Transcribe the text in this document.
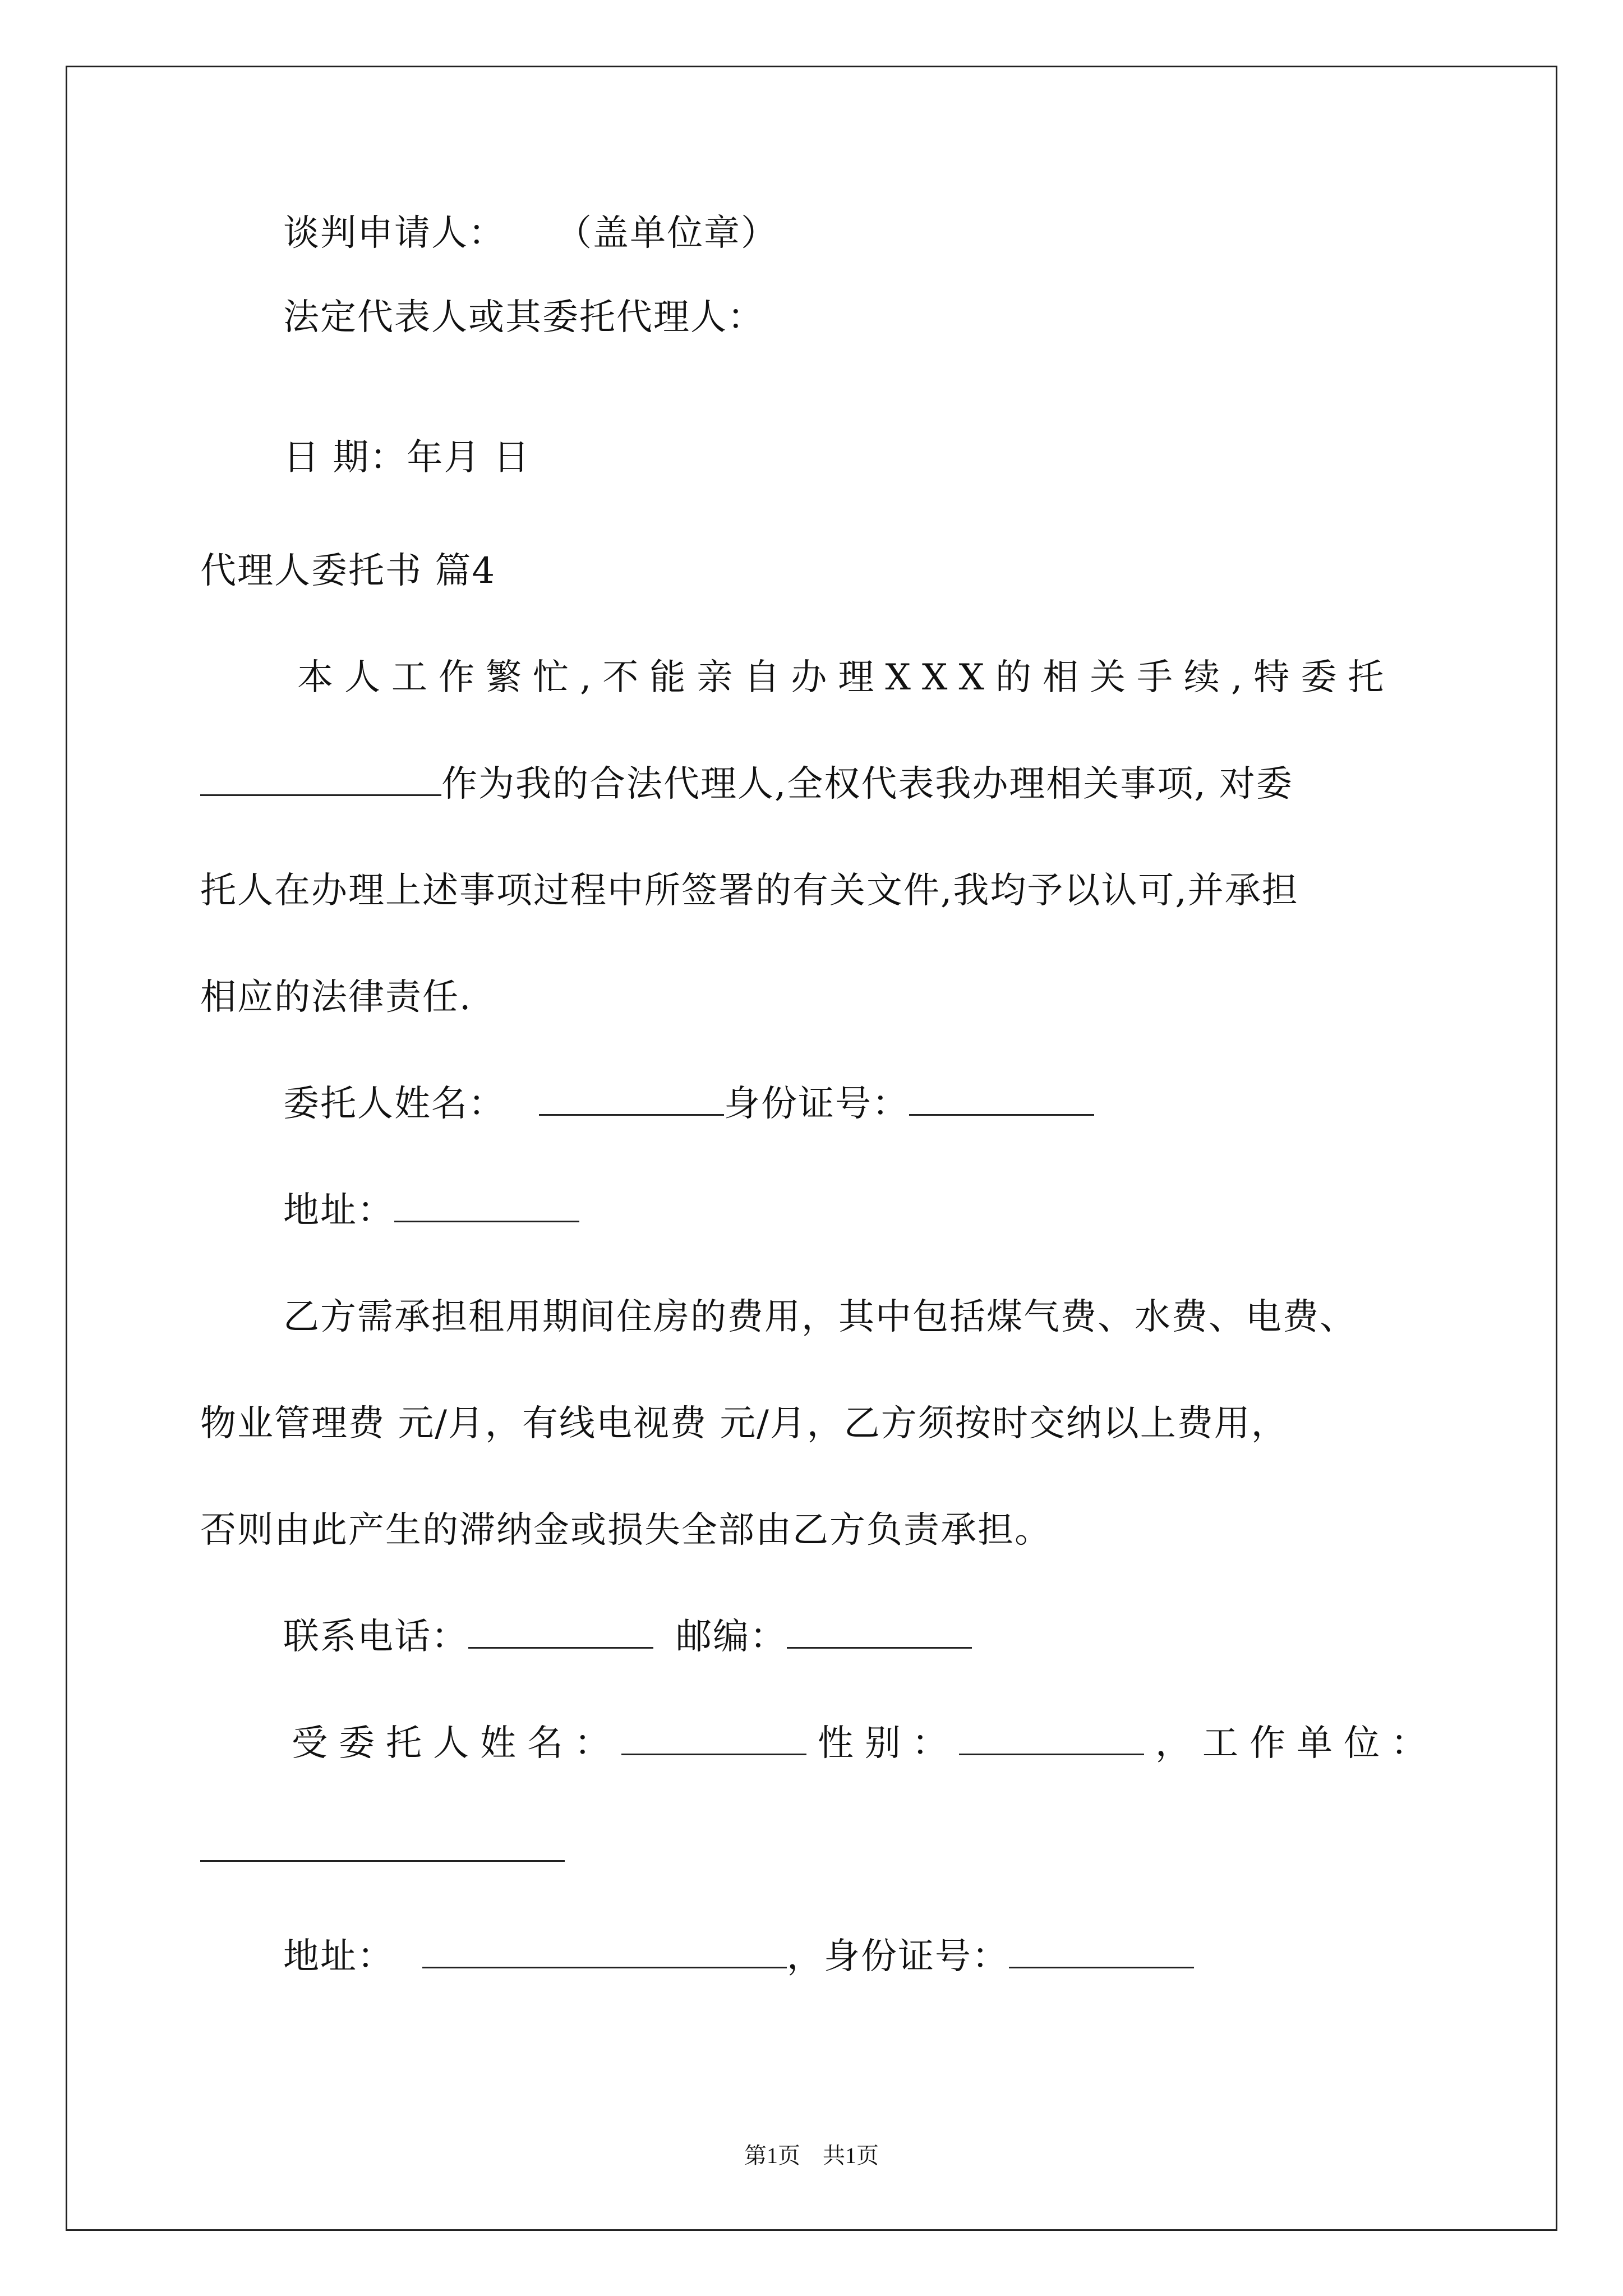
谈判申请人： （盖单位章）
法定代表人或其委托代理人：
日 期：年月 日
代理人委托书 篇4
本人工作繁忙,不能亲自办理XXX的相关手续,特委托
作为我的合法代理人,全权代表我办理相关事项, 对委
托人在办理上述事项过程中所签署的有关文件,我均予以认可,并承担
相应的法律责任.
委托人姓名：	身份证号：
地址：
乙方需承担租用期间住房的费用，其中包括煤气费、水费、电费、
物业管理费 元/月，有线电视费 元/月，乙方须按时交纳以上费用，
否则由此产生的滞纳金或损失全部由乙方负责承担。
联系电话：	邮编：
受委托人姓名：	性别：	，工作单位：
地址：	，身份证号：
第1页　共1页
